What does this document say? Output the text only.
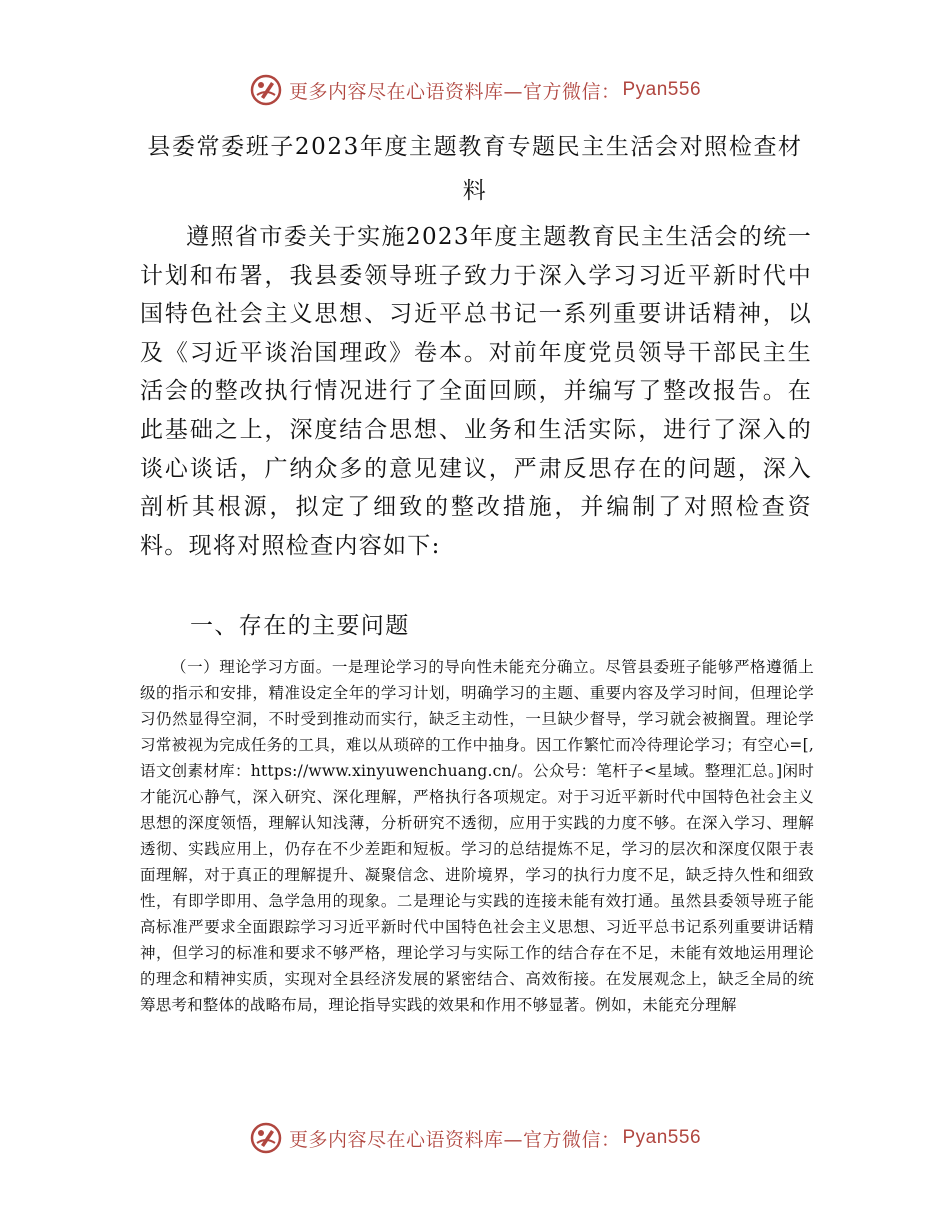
更多内容尽在心语资料库—官方微信： Pyan556
县委常委班子2023年度主题教育专题民主生活会对照检查材料

遵照省市委关于实施2023年度主题教育民主生活会的统一计划和布署，我县委领导班子致力于深入学习习近平新时代中国特色社会主义思想、习近平总书记一系列重要讲话精神，以及《习近平谈治国理政》卷本。对前年度党员领导干部民主生活会的整改执行情况进行了全面回顾，并编写了整改报告。在此基础之上，深度结合思想、业务和生活实际，进行了深入的谈心谈话，广纳众多的意见建议，严肃反思存在的问题，深入剖析其根源，拟定了细致的整改措施，并编制了对照检查资料。现将对照检查内容如下:

一、存在的主要问题

（一）理论学习方面。一是理论学习的导向性未能充分确立。尽管县委班子能够严格遵循上级的指示和安排，精准设定全年的学习计划，明确学习的主题、重要内容及学习时间，但理论学习仍然显得空洞，不时受到推动而实行，缺乏主动性，一旦缺少督导，学习就会被搁置。理论学习常被视为完成任务的工具，难以从琐碎的工作中抽身。因工作繁忙而冷待理论学习；有空心=[,语文创素材库：https://www.xinyuwenchuang.cn/。公众号：笔杆子<星域。整理汇总。]闲时才能沉心静气，深入研究、深化理解，严格执行各项规定。对于习近平新时代中国特色社会主义思想的深度领悟，理解认知浅薄，分析研究不透彻，应用于实践的力度不够。在深入学习、理解透彻、实践应用上，仍存在不少差距和短板。学习的总结提炼不足，学习的层次和深度仅限于表面理解，对于真正的理解提升、凝聚信念、进阶境界，学习的执行力度不足，缺乏持久性和细致性，有即学即用、急学急用的现象。二是理论与实践的连接未能有效打通。虽然县委领导班子能高标准严要求全面跟踪学习习近平新时代中国特色社会主义思想、习近平总书记系列重要讲话精神，但学习的标准和要求不够严格，理论学习与实际工作的结合存在不足，未能有效地运用理论的理念和精神实质，实现对全县经济发展的紧密结合、高效衔接。在发展观念上，缺乏全局的统筹思考和整体的战略布局，理论指导实践的效果和作用不够显著。例如，未能充分理解

更多内容尽在心语资料库—官方微信： Pyan556
